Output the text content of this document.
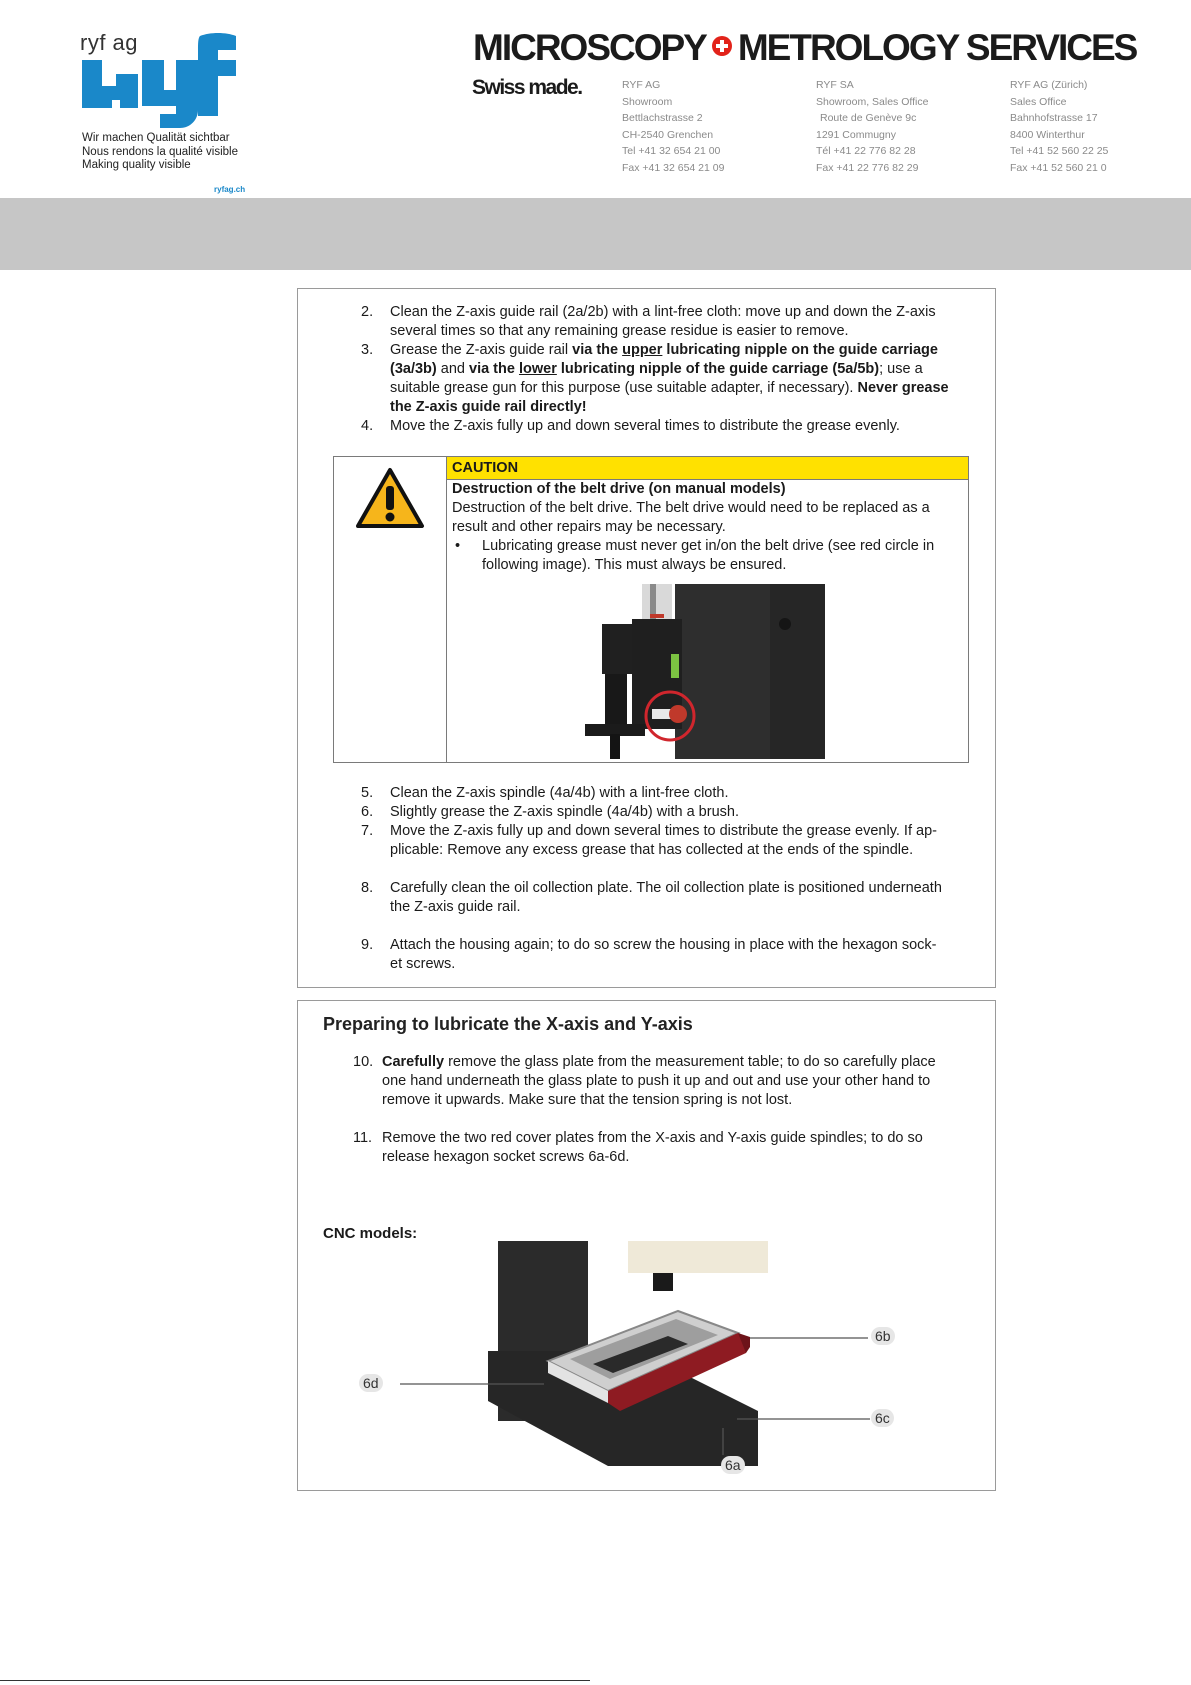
ryf ag
Wir machen Qualität sichtbar
Nous rendons la qualité visible
Making quality visible
ryfag.ch
MICROSCOPY METROLOGY SERVICES
Swiss made.	RYF AG
Showroom
Bettlachstrasse 2
CH-2540 Grenchen
Tel +41 32 654 21 00
Fax +41 32 654 21 09
RYF SA
Showroom, Sales Office
Route de Genève 9c
1291 Commugny
Tél +41 22 776 82 28
Fax +41 22 776 82 29
RYF AG (Zürich)
Sales Office
Bahnhofstrasse 17
8400 Winterthur
Tel +41 52 560 22 25
Fax +41 52 560 21 0
2. Clean the Z-axis guide rail (2a/2b) with a lint-free cloth: move up and down the Z-axis
several times so that any remaining grease residue is easier to remove.
3. Grease the Z-axis guide rail via the upper lubricating nipple on the guide carriage
(3a/3b) and via the lower lubricating nipple of the guide carriage (5a/5b); use a
suitable grease gun for this purpose (use suitable adapter, if necessary). Never grease
the Z-axis guide rail directly!
4. Move the Z-axis fully up and down several times to distribute the grease evenly.
CAUTION
Destruction of the belt drive (on manual models)
Destruction of the belt drive. The belt drive would need to be replaced as a
result and other repairs may be necessary.
• Lubricating grease must never get in/on the belt drive (see red circle in
following image). This must always be ensured.
5. Clean the Z-axis spindle (4a/4b) with a lint-free cloth.
6. Slightly grease the Z-axis spindle (4a/4b) with a brush.
7. Move the Z-axis fully up and down several times to distribute the grease evenly. If ap-
plicable: Remove any excess grease that has collected at the ends of the spindle.
8. Carefully clean the oil collection plate. The oil collection plate is positioned underneath
the Z-axis guide rail.
9. Attach the housing again; to do so screw the housing in place with the hexagon sock-
et screws.
Preparing to lubricate the X-axis and Y-axis
10. Carefully remove the glass plate from the measurement table; to do so carefully place
one hand underneath the glass plate to push it up and out and use your other hand to
remove it upwards. Make sure that the tension spring is not lost.
11. Remove the two red cover plates from the X-axis and Y-axis guide spindles; to do so
release hexagon socket screws 6a-6d.
CNC models:
6b
6c
6d
6a
